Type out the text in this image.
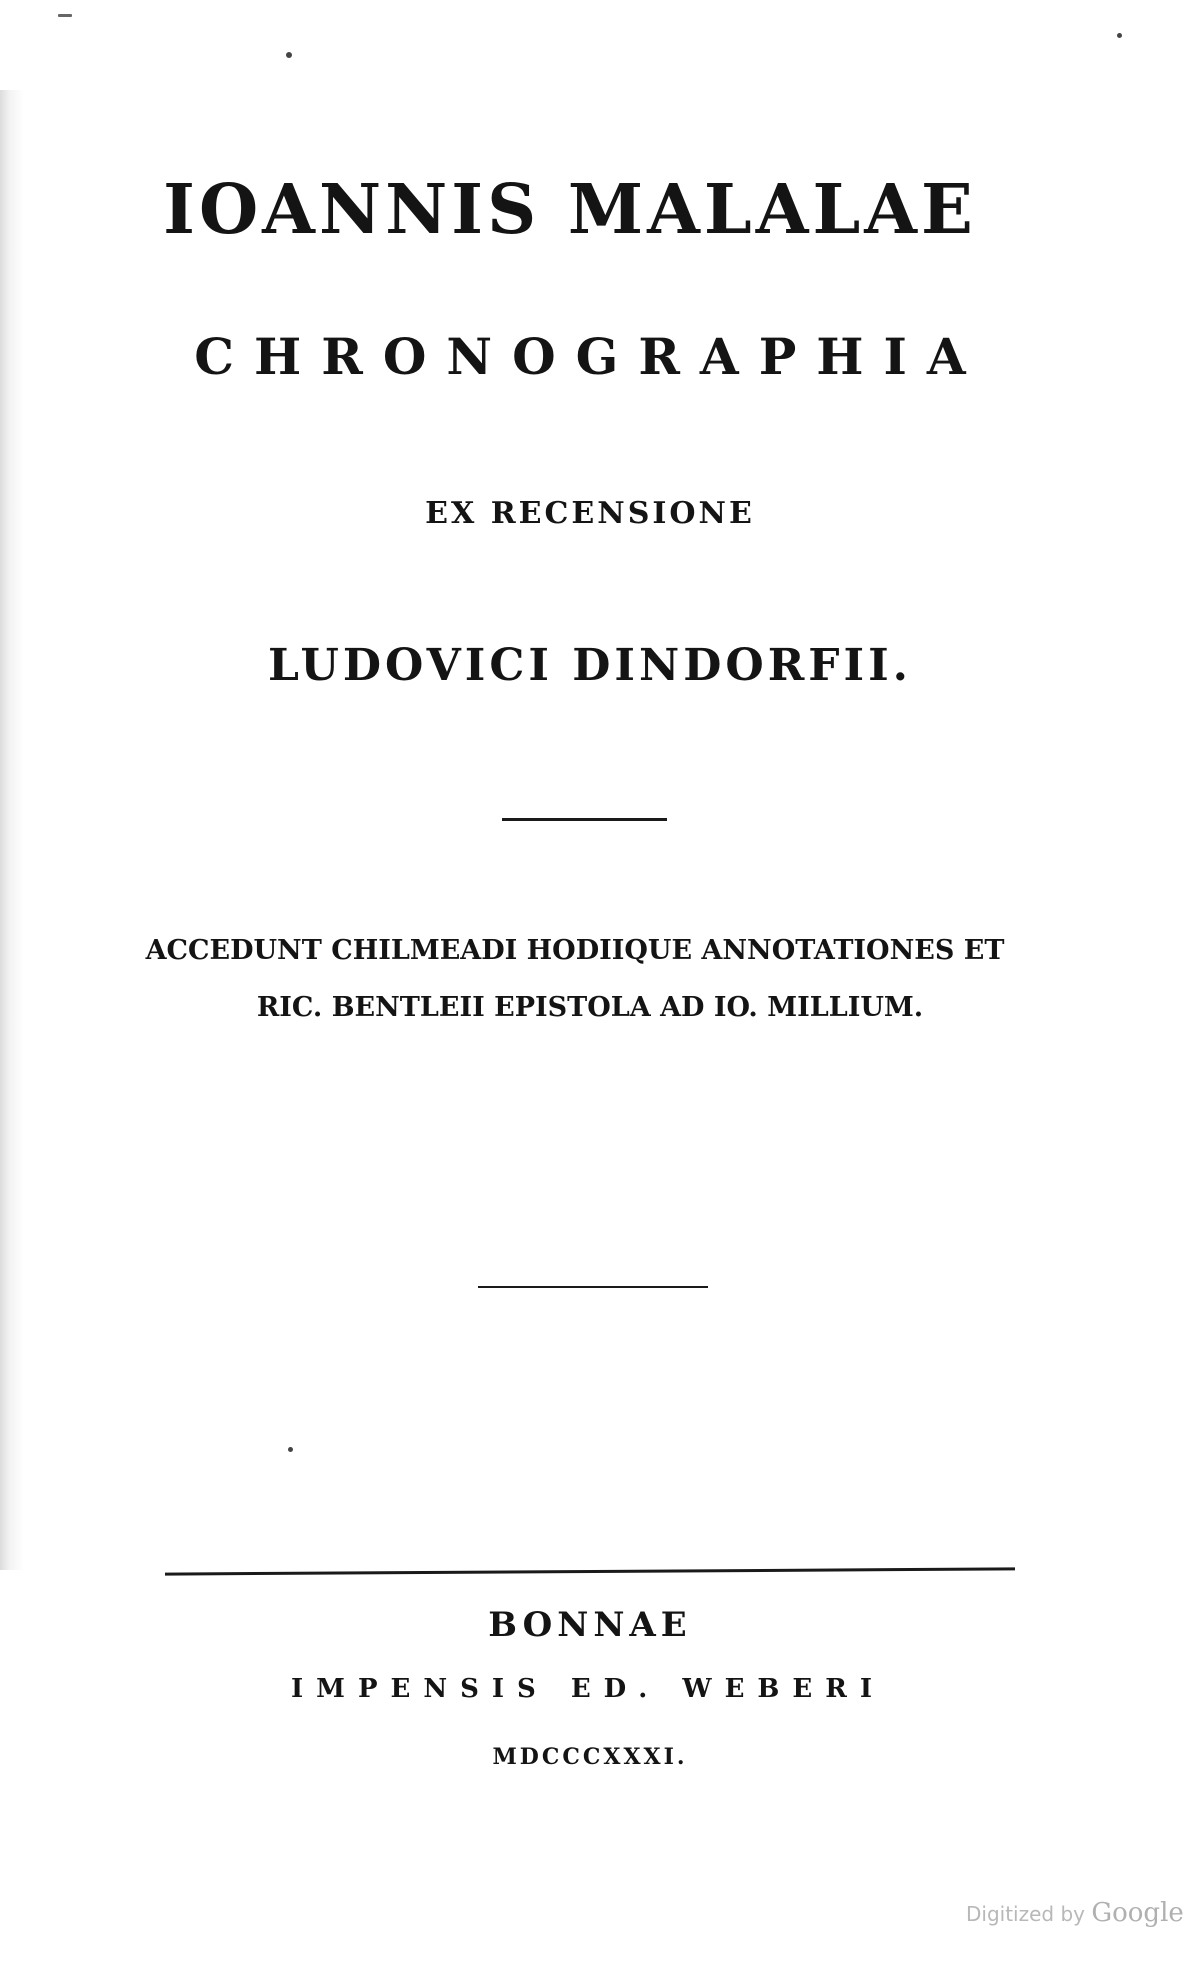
IOANNIS MALALAE
CHRONOGRAPHIA
EX RECENSIONE
LUDOVICI DINDORFII.
ACCEDUNT CHILMEADI HODIIQUE ANNOTATIONES ET
RIC. BENTLEII EPISTOLA AD IO. MILLIUM.
BONNAE
IMPENSIS ED. WEBERI
MDCCCXXXI.
Digitized by Google
